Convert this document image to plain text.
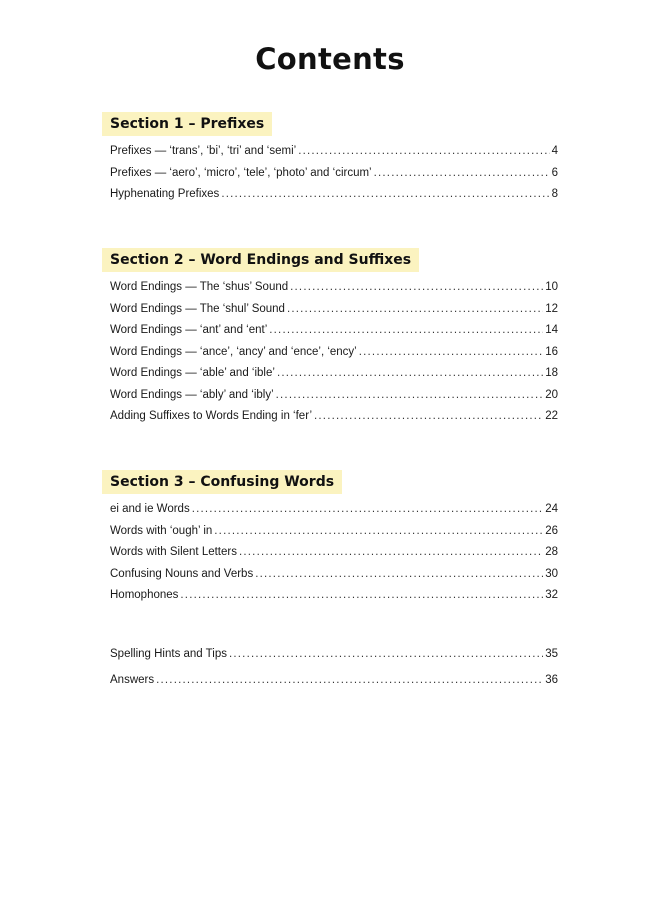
Contents
Section 1 – Prefixes
Prefixes — ‘trans’, ‘bi’, ‘tri’ and ‘semi’ .....	4
Prefixes — ‘aero’, ‘micro’, ‘tele’, ‘photo’ and ‘circum’ .....	6
Hyphenating Prefixes .....	8
Section 2 – Word Endings and Suffixes
Word Endings — The ‘shus’ Sound .....	10
Word Endings — The ‘shul’ Sound .....	12
Word Endings — ‘ant’ and ‘ent’ .....	14
Word Endings — ‘ance’, ‘ancy’ and ‘ence’, ‘ency’ .....	16
Word Endings — ‘able’ and ‘ible’ .....	18
Word Endings — ‘ably’ and ‘ibly’ .....	20
Adding Suffixes to Words Ending in ‘fer’ .....	22
Section 3 – Confusing Words
ei and ie Words .....	24
Words with ‘ough’ in .....	26
Words with Silent Letters .....	28
Confusing Nouns and Verbs .....	30
Homophones .....	32
Spelling Hints and Tips .....	35
Answers .....	36
